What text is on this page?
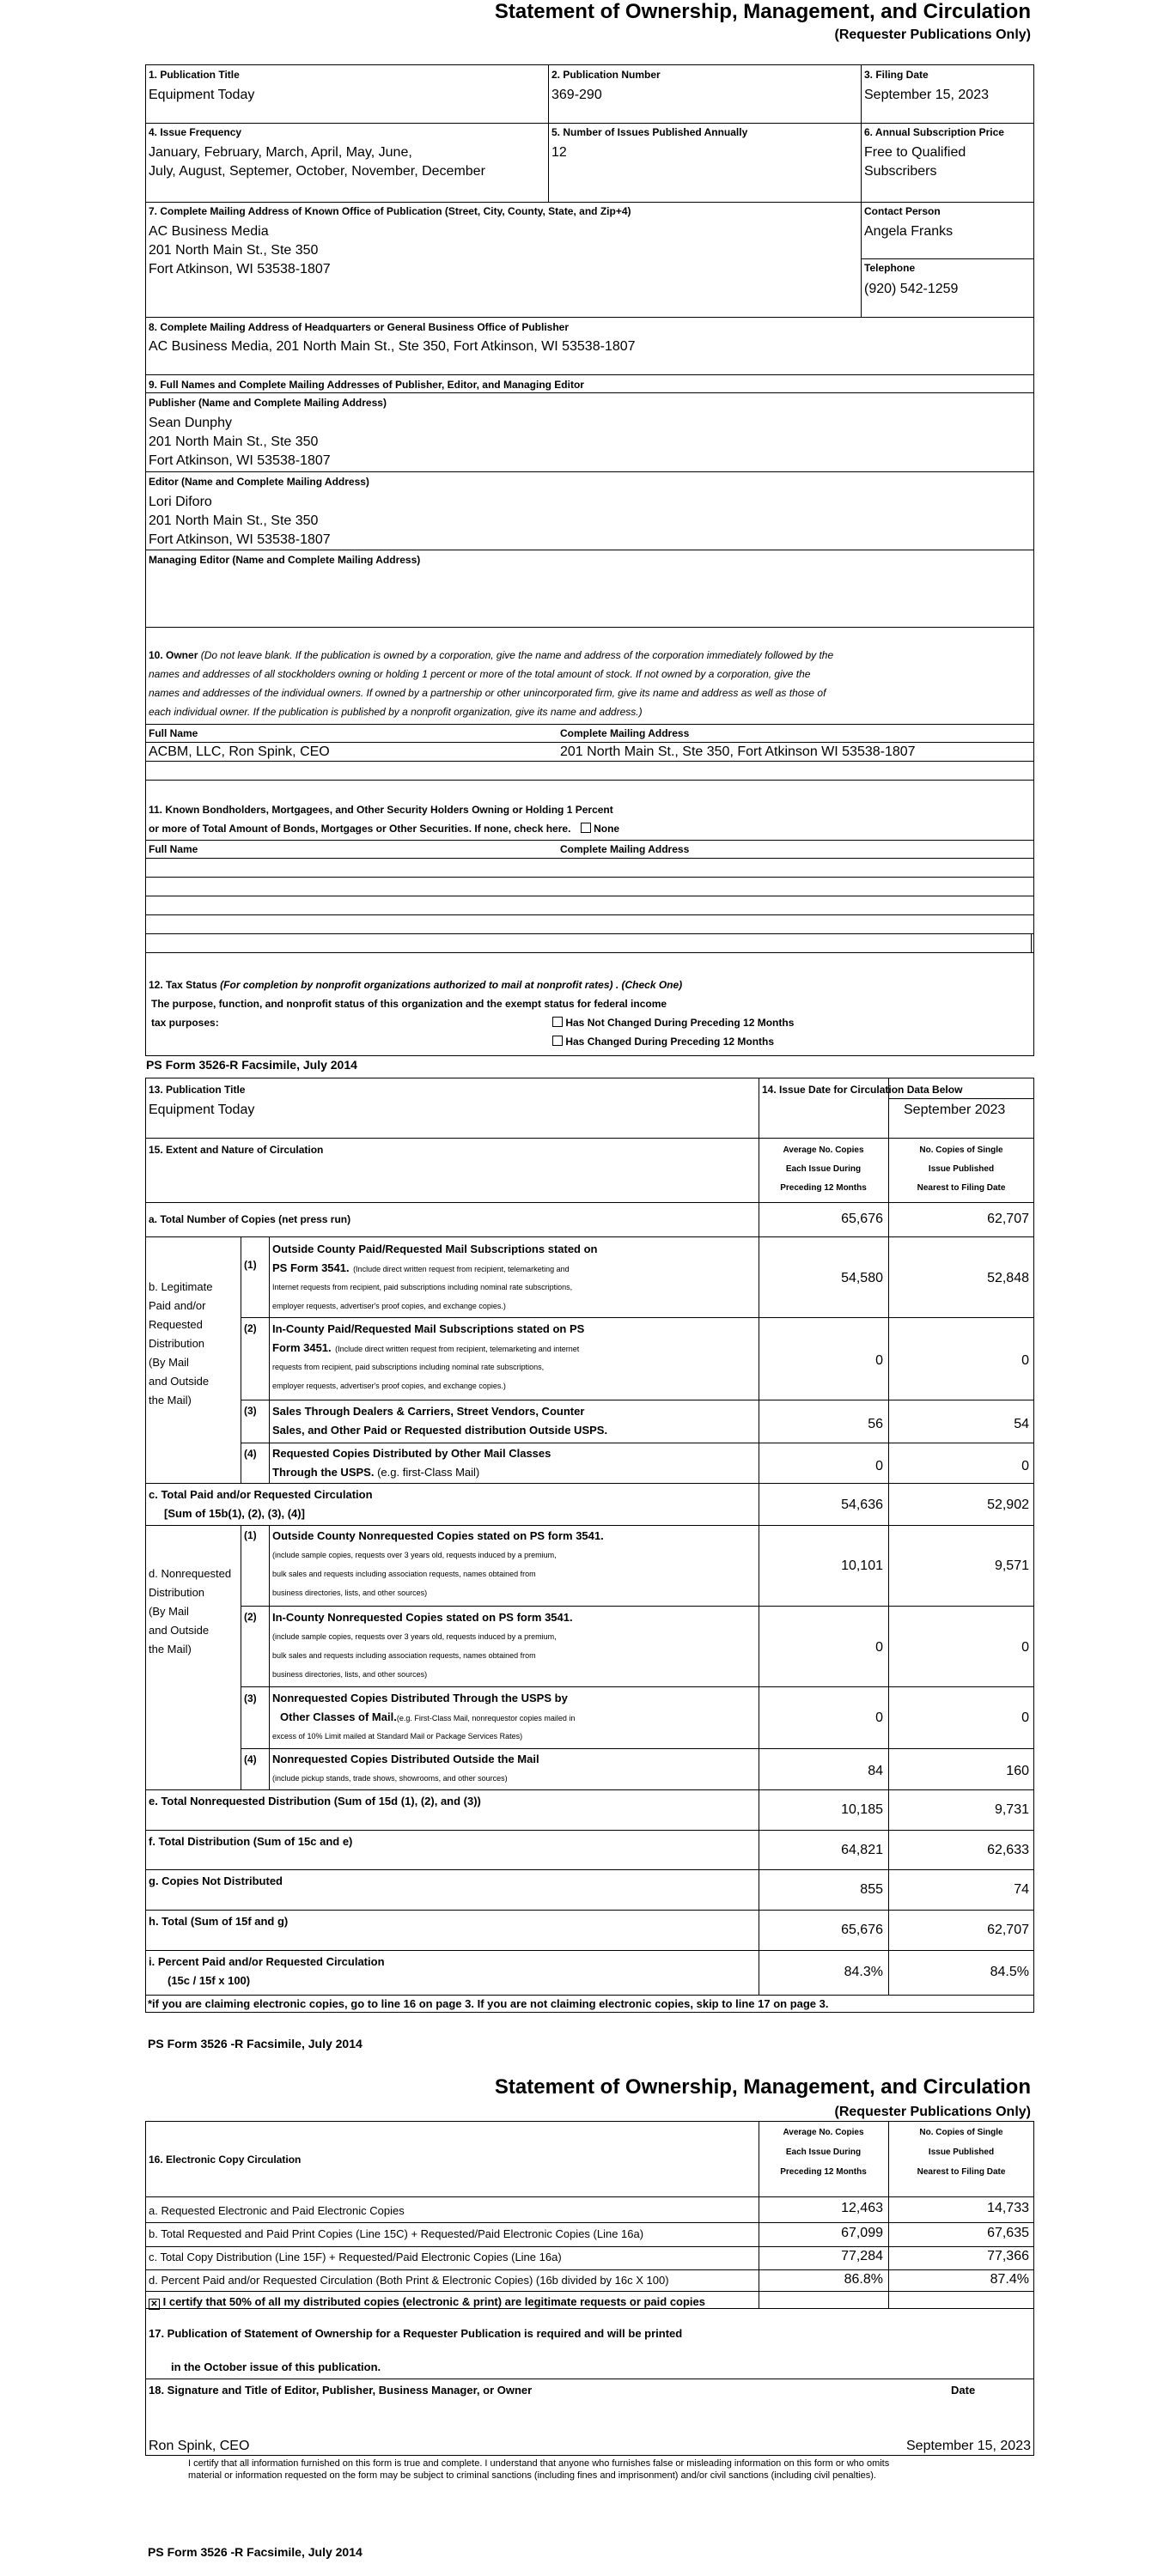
Statement of Ownership, Management, and Circulation
(Requester Publications Only)
1. Publication Title
Equipment Today
2. Publication Number
369-290
3. Filing Date
September 15, 2023
4. Issue Frequency
January, February, March, April, May, June,
July, August, Septemer, October, November, December
5. Number of Issues Published Annually
12
6. Annual Subscription Price
Free to Qualified
Subscribers
7. Complete Mailing Address of Known Office of Publication (Street, City, County, State, and Zip+4)
AC Business Media
201 North Main St., Ste 350
Fort Atkinson, WI 53538-1807
Contact Person
Angela Franks
Telephone
(920) 542-1259
8. Complete Mailing Address of Headquarters or General Business Office of Publisher
AC Business Media, 201 North Main St., Ste 350, Fort Atkinson, WI 53538-1807
9. Full Names and Complete Mailing Addresses of Publisher, Editor, and Managing Editor
Publisher (Name and Complete Mailing Address)
Sean Dunphy
201 North Main St., Ste 350
Fort Atkinson, WI 53538-1807
Editor (Name and Complete Mailing Address)
Lori Diforo
201 North Main St., Ste 350
Fort Atkinson, WI 53538-1807
Managing Editor (Name and Complete Mailing Address)
10. Owner (Do not leave blank. If the publication is owned by a corporation, give the name and address of the corporation immediately followed by the
names and addresses of all stockholders owning or holding 1 percent or more of the total amount of stock. If not owned by a corporation, give the
names and addresses of the individual owners. If owned by a partnership or other unincorporated firm, give its name and address as well as those of
each individual owner. If the publication is published by a nonprofit organization, give its name and address.)
Full Name	Complete Mailing Address
ACBM, LLC, Ron Spink, CEO	201 North Main St., Ste 350, Fort Atkinson WI 53538-1807
11. Known Bondholders, Mortgagees, and Other Security Holders Owning or Holding 1 Percent
or more of Total Amount of Bonds, Mortgages or Other Securities. If none, check here. None
Full Name	Complete Mailing Address
12. Tax Status (For completion by nonprofit organizations authorized to mail at nonprofit rates) . (Check One)
The purpose, function, and nonprofit status of this organization and the exempt status for federal income
tax purposes:	Has Not Changed During Preceding 12 Months
Has Changed During Preceding 12 Months
PS Form 3526-R Facsimile, July 2014
13. Publication Title
Equipment Today
14. Issue Date for Circulation Data Below
September 2023
15. Extent and Nature of Circulation	Average No. Copies
Each Issue During
Preceding 12 Months
No. Copies of Single
Issue Published
Nearest to Filing Date
a. Total Number of Copies (net press run)	65,676	62,707
b. Legitimate
Paid and/or
Requested
Distribution
(By Mail
and Outside
the Mail)
(1)
Outside County Paid/Requested Mail Subscriptions stated on
PS Form 3541. (Include direct written request from recipient, telemarketing and
Internet requests from recipient, paid subscriptions including nominal rate subscriptions,
employer requests, advertiser's proof copies, and exchange copies.)
54,580	52,848
(2) In-County Paid/Requested Mail Subscriptions stated on PS
Form 3451. (Include direct written request from recipient, telemarketing and internet
requests from recipient, paid subscriptions including nominal rate subscriptions,
employer requests, advertiser's proof copies, and exchange copies.)
0	0
(3) Sales Through Dealers & Carriers, Street Vendors, Counter
Sales, and Other Paid or Requested distribution Outside USPS.	56	54
(4) Requested Copies Distributed by Other Mail Classes
Through the USPS. (e.g. first-Class Mail)	0	0
c. Total Paid and/or Requested Circulation
[Sum of 15b(1), (2), (3), (4)]
54,636	52,902
d. Nonrequested
Distribution
(By Mail
and Outside
the Mail)
(1) Outside County Nonrequested Copies stated on PS form 3541.
(include sample copies, requests over 3 years old, requests induced by a premium,
bulk sales and requests including association requests, names obtained from
business directories, lists, and other sources)
10,101	9,571
(2) In-County Nonrequested Copies stated on PS form 3541.
(include sample copies, requests over 3 years old, requests induced by a premium,
bulk sales and requests including association requests, names obtained from
business directories, lists, and other sources)
0	0
(3) Nonrequested Copies Distributed Through the USPS by
Other Classes of Mail.(e.g. First-Class Mail, nonrequestor copies mailed in
excess of 10% Limit mailed at Standard Mail or Package Services Rates)
0	0
(4) Nonrequested Copies Distributed Outside the Mail
(include pickup stands, trade shows, showrooms, and other sources)	84	160
e. Total Nonrequested Distribution (Sum of 15d (1), (2), and (3))
10,185	9,731
f. Total Distribution (Sum of 15c and e)
64,821	62,633
g. Copies Not Distributed
855	74
h. Total (Sum of 15f and g)
65,676	62,707
i. Percent Paid and/or Requested Circulation
(15c / 15f x 100)
84.3%	84.5%
*if you are claiming electronic copies, go to line 16 on page 3. If you are not claiming electronic copies, skip to line 17 on page 3.
PS Form 3526 -R Facsimile, July 2014
Statement of Ownership, Management, and Circulation
(Requester Publications Only)
16. Electronic Copy Circulation
Average No. Copies
Each Issue During
Preceding 12 Months
No. Copies of Single
Issue Published
Nearest to Filing Date
a. Requested Electronic and Paid Electronic Copies	12,463	14,733
b. Total Requested and Paid Print Copies (Line 15C) + Requested/Paid Electronic Copies (Line 16a)	67,099	67,635
c. Total Copy Distribution (Line 15F) + Requested/Paid Electronic Copies (Line 16a)	77,284	77,366
d. Percent Paid and/or Requested Circulation (Both Print & Electronic Copies) (16b divided by 16c X 100)	86.8%	87.4%
✕ I certify that 50% of all my distributed copies (electronic & print) are legitimate requests or paid copies
17. Publication of Statement of Ownership for a Requester Publication is required and will be printed
in the October issue of this publication.
18. Signature and Title of Editor, Publisher, Business Manager, or Owner	Date
Ron Spink, CEO	September 15, 2023
I certify that all information furnished on this form is true and complete. I understand that anyone who furnishes false or misleading information on this form or who omits
material or information requested on the form may be subject to criminal sanctions (including fines and imprisonment) and/or civil sanctions (including civil penalties).
PS Form 3526 -R Facsimile, July 2014
